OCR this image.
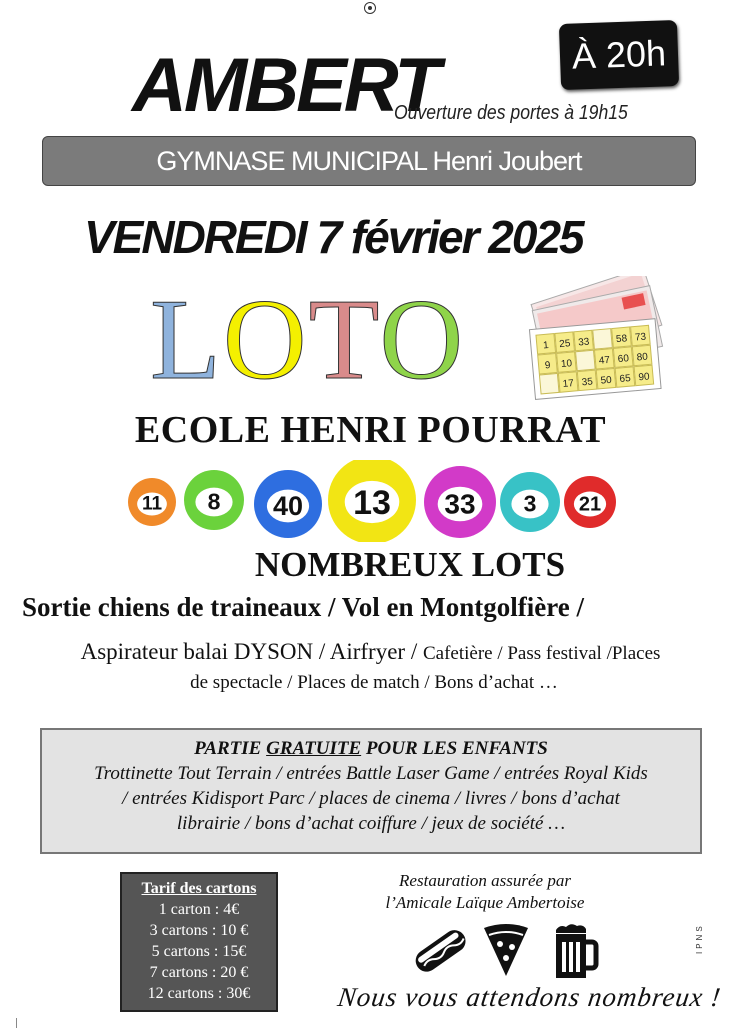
À 20h
AMBERT
Ouverture des portes à 19h15
GYMNASE MUNICIPAL Henri Joubert
VENDREDI 7 février 2025
LOTO	1 25 33	58 73
9 10	47 60 80
17 35 50 65 90
ECOLE HENRI POURRAT
11 8 40 13 33 3 21
NOMBREUX LOTS
Sortie chiens de traineaux / Vol en Montgolfière /
Aspirateur balai DYSON / Airfryer / Cafetière / Pass festival /Places
de spectacle / Places de match / Bons d’achat …
PARTIE GRATUITE POUR LES ENFANTS
Trottinette Tout Terrain / entrées Battle Laser Game / entrées Royal Kids
/ entrées Kidisport Parc / places de cinema / livres / bons d’achat
librairie / bons d’achat coiffure / jeux de société …
Tarif des cartons
1 carton : 4€
3 cartons : 10 €
5 cartons : 15€
7 cartons : 20 €
12 cartons : 30€
Restauration assurée par
l’Amicale Laïque Ambertoise
IPNS
Nous vous attendons nombreux !
